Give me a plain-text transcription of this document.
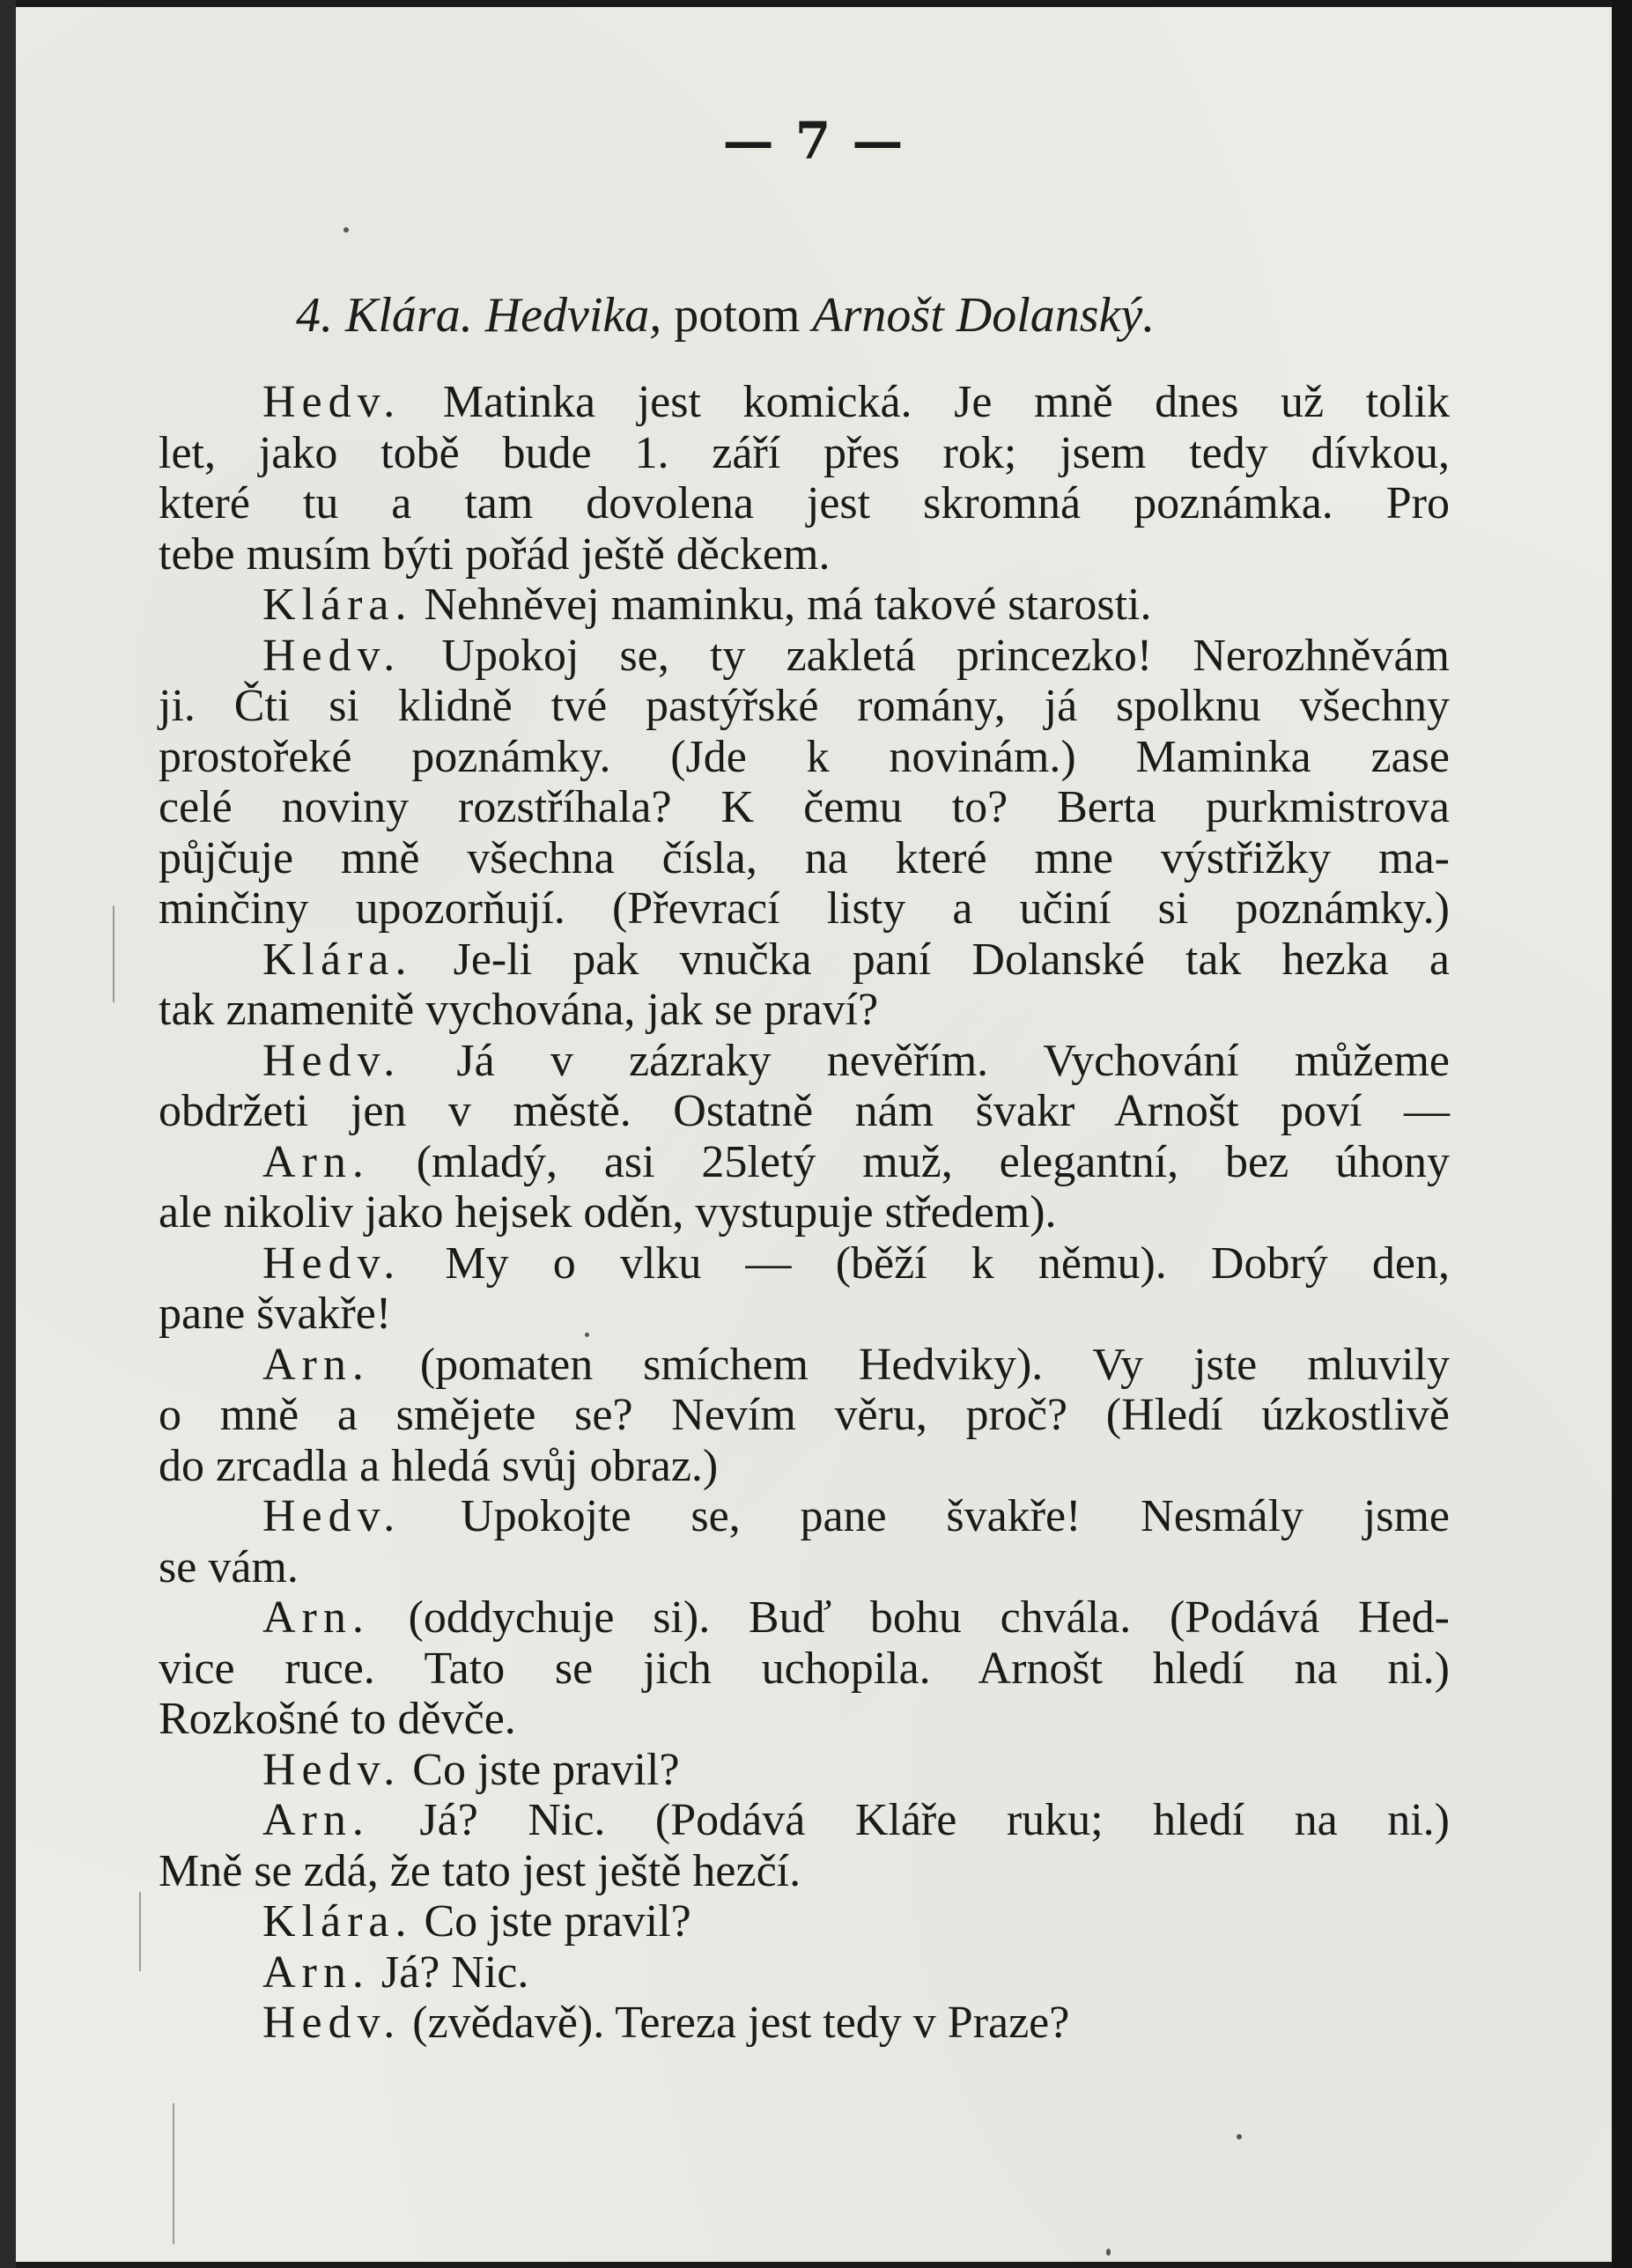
— 7 —
4. Klára. Hedvika, potom Arnošt Dolanský.
Hedv. Matinka jest komická. Je mně dnes už tolik
let, jako tobě bude 1. září přes rok; jsem tedy dívkou,
které tu a tam dovolena jest skromná poznámka. Pro
tebe musím býti pořád ještě děckem.
Klára. Nehněvej maminku, má takové starosti.
Hedv. Upokoj se, ty zakletá princezko! Nerozhněvám
ji. Čti si klidně tvé pastýřské romány, já spolknu všechny
prostořeké poznámky. (Jde k novinám.) Maminka zase
celé noviny rozstříhala? K čemu to? Berta purkmistrova
půjčuje mně všechna čísla, na které mne výstřižky ma-
minčiny upozorňují. (Převrací listy a učiní si poznámky.)
Klára. Je-li pak vnučka paní Dolanské tak hezka a
tak znamenitě vychována, jak se praví?
Hedv. Já v zázraky nevěřím. Vychování můžeme
obdržeti jen v městě. Ostatně nám švakr Arnošt poví —
Arn. (mladý, asi 25letý muž, elegantní, bez úhony
ale nikoliv jako hejsek oděn, vystupuje středem).
Hedv. My o vlku — (běží k němu). Dobrý den,
pane švakře!
Arn. (pomaten smíchem Hedviky). Vy jste mluvily
o mně a smějete se? Nevím věru, proč? (Hledí úzkostlivě
do zrcadla a hledá svůj obraz.)
Hedv. Upokojte se, pane švakře! Nesmály jsme
se vám.
Arn. (oddychuje si). Buď bohu chvála. (Podává Hed-
vice ruce. Tato se jich uchopila. Arnošt hledí na ni.)
Rozkošné to děvče.
Hedv. Co jste pravil?
Arn. Já? Nic. (Podává Kláře ruku; hledí na ni.)
Mně se zdá, že tato jest ještě hezčí.
Klára. Co jste pravil?
Arn. Já? Nic.
Hedv. (zvědavě). Tereza jest tedy v Praze?
